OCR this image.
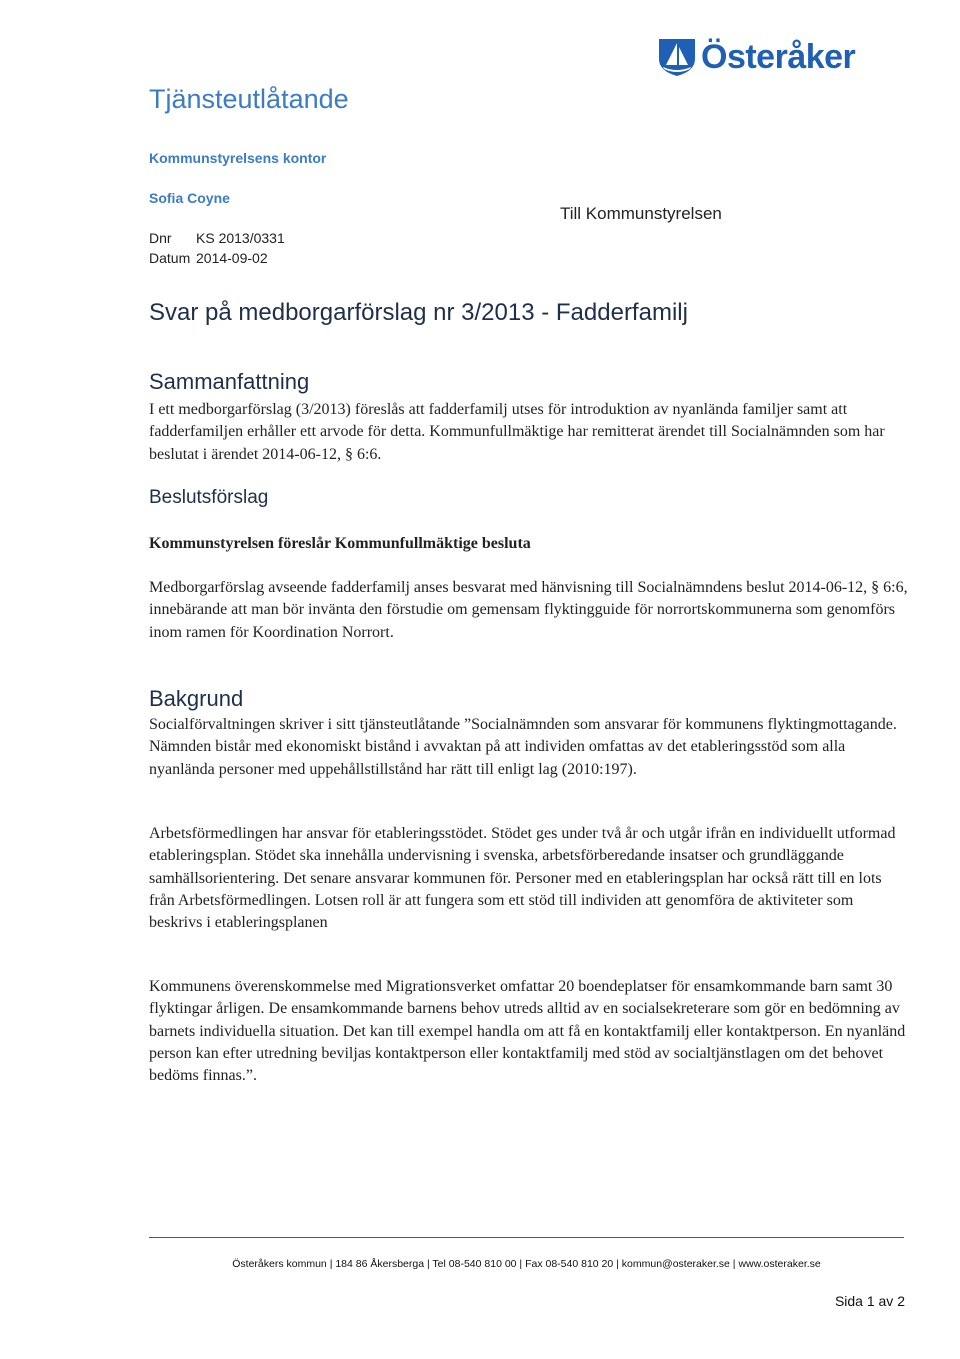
Österåker
Tjänsteutlåtande
Kommunstyrelsens kontor
Sofia Coyne
Till Kommunstyrelsen
Dnr KS 2013/0331
Datum 2014-09-02
Svar på medborgarförslag nr 3/2013 - Fadderfamilj
Sammanfattning
I ett medborgarförslag (3/2013) föreslås att fadderfamilj utses för introduktion av nyanlända familjer samt att fadderfamiljen erhåller ett arvode för detta. Kommunfullmäktige har remitterat ärendet till Socialnämnden som har beslutat i ärendet 2014-06-12, § 6:6.
Beslutsförslag
Kommunstyrelsen föreslår Kommunfullmäktige besluta
Medborgarförslag avseende fadderfamilj anses besvarat med hänvisning till Socialnämndens beslut 2014-06-12, § 6:6, innebärande att man bör invänta den förstudie om gemensam flyktingguide för norrortskommunerna som genomförs inom ramen för Koordination Norrort.
Bakgrund
Socialförvaltningen skriver i sitt tjänsteutlåtande ”Socialnämnden som ansvarar för kommunens flyktingmottagande. Nämnden bistår med ekonomiskt bistånd i avvaktan på att individen omfattas av det etableringsstöd som alla nyanlända personer med uppehållstillstånd har rätt till enligt lag (2010:197).
Arbetsförmedlingen har ansvar för etableringsstödet. Stödet ges under två år och utgår ifrån en individuellt utformad etableringsplan. Stödet ska innehålla undervisning i svenska, arbetsförberedande insatser och grundläggande samhällsorientering. Det senare ansvarar kommunen för. Personer med en etableringsplan har också rätt till en lots från Arbetsförmedlingen. Lotsen roll är att fungera som ett stöd till individen att genomföra de aktiviteter som beskrivs i etableringsplanen
Kommunens överenskommelse med Migrationsverket omfattar 20 boendeplatser för ensamkommande barn samt 30 flyktingar årligen. De ensamkommande barnens behov utreds alltid av en socialsekreterare som gör en bedömning av barnets individuella situation. Det kan till exempel handla om att få en kontaktfamilj eller kontaktperson. En nyanländ person kan efter utredning beviljas kontaktperson eller kontaktfamilj med stöd av socialtjänstlagen om det behovet bedöms finnas.”.
Österåkers kommun | 184 86 Åkersberga | Tel 08-540 810 00 | Fax 08-540 810 20 | kommun@osteraker.se | www.osteraker.se
Sida 1 av 2
